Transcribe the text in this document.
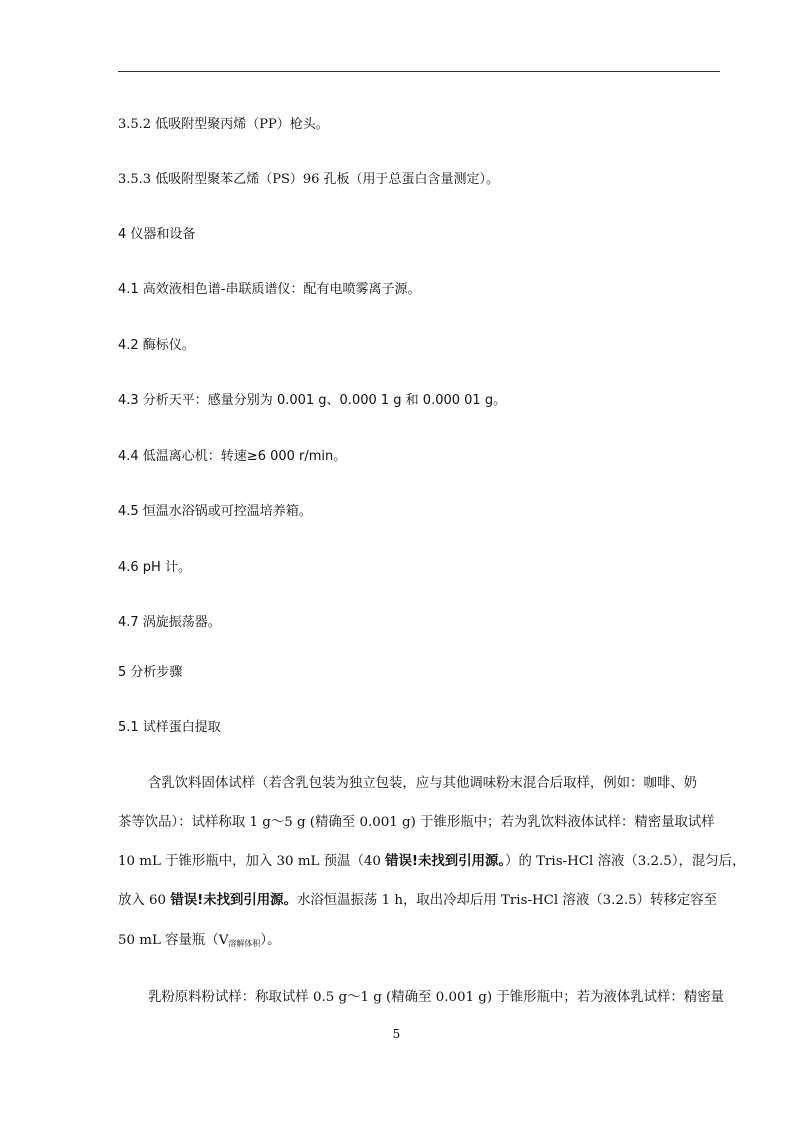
3.5.2 低吸附型聚丙烯（PP）枪头。
3.5.3 低吸附型聚苯乙烯（PS）96 孔板（用于总蛋白含量测定）。
4 仪器和设备
4.1 高效液相色谱-串联质谱仪：配有电喷雾离子源。
4.2 酶标仪。
4.3 分析天平：感量分别为 0.001 g、0.000 1 g 和 0.000 01 g。
4.4 低温离心机：转速≥6 000 r/min。
4.5 恒温水浴锅或可控温培养箱。
4.6 pH 计。
4.7 涡旋振荡器。
5 分析步骤
5.1 试样蛋白提取
含乳饮料固体试样（若含乳包装为独立包装，应与其他调味粉末混合后取样，例如：咖啡、奶
茶等饮品）：试样称取 1 g～5 g (精确至 0.001 g) 于锥形瓶中；若为乳饮料液体试样：精密量取试样
10 mL 于锥形瓶中，加入 30 mL 预温（40 错误!未找到引用源。）的 Tris-HCl 溶液（3.2.5），混匀后，
放入 60 错误!未找到引用源。水浴恒温振荡 1 h，取出冷却后用 Tris-HCl 溶液（3.2.5）转移定容至
50 mL 容量瓶$(V_{溶解体积})$。
乳粉原料粉试样：称取试样 0.5 g～1 g (精确至 0.001 g) 于锥形瓶中；若为液体乳试样：精密量
5
